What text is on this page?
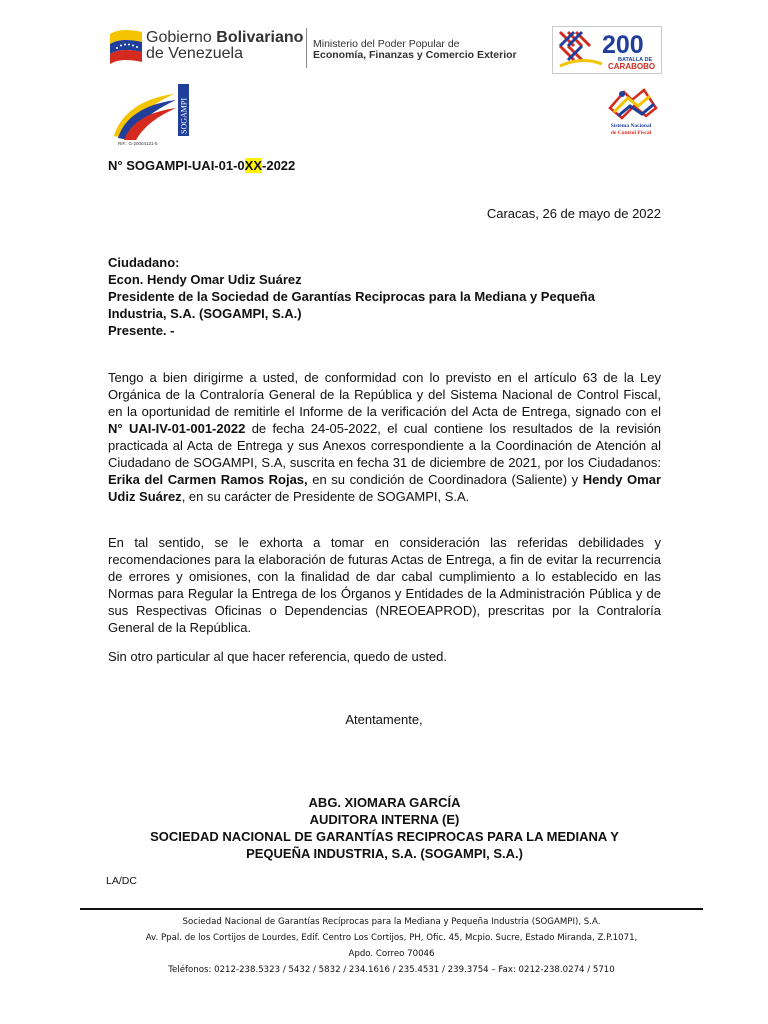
Gobierno Bolivariano
de Venezuela
Ministerio del Poder Popular de
Economía, Finanzas y Comercio Exterior	200
BATALLA DE
CARABOBO
SOGAMPI
RIF.: G-20004131-5
Sistema Nacional
de Control Fiscal
N° SOGAMPI-UAI-01-0XX-2022
Caracas, 26 de mayo de 2022
Ciudadano:
Econ. Hendy Omar Udiz Suárez
Presidente de la Sociedad de Garantías Reciprocas para la Mediana y Pequeña
Industria, S.A. (SOGAMPI, S.A.)
Presente. -
Tengo a bien dirigirme a usted, de conformidad con lo previsto en el artículo 63 de la Ley Orgánica de la Contraloría General de la República y del Sistema Nacional de Control Fiscal, en la oportunidad de remitirle el Informe de la verificación del Acta de Entrega, signado con el N° UAI-IV-01-001-2022 de fecha 24-05-2022, el cual contiene los resultados de la revisión practicada al Acta de Entrega y sus Anexos correspondiente a la Coordinación de Atención al Ciudadano de SOGAMPI, S.A, suscrita en fecha 31 de diciembre de 2021, por los Ciudadanos: Erika del Carmen Ramos Rojas, en su condición de Coordinadora (Saliente) y Hendy Omar Udiz Suárez, en su carácter de Presidente de SOGAMPI, S.A.
En tal sentido, se le exhorta a tomar en consideración las referidas debilidades y recomendaciones para la elaboración de futuras Actas de Entrega, a fin de evitar la recurrencia de errores y omisiones, con la finalidad de dar cabal cumplimiento a lo establecido en las Normas para Regular la Entrega de los Órganos y Entidades de la Administración Pública y de sus Respectivas Oficinas o Dependencias (NREOEAPROD), prescritas por la Contraloría General de la República.
Sin otro particular al que hacer referencia, quedo de usted.
Atentamente,
ABG. XIOMARA GARCÍA
AUDITORA INTERNA (E)
SOCIEDAD NACIONAL DE GARANTÍAS RECIPROCAS PARA LA MEDIANA Y
PEQUEÑA INDUSTRIA, S.A. (SOGAMPI, S.A.)
LA/DC
Sociedad Nacional de Garantías Recíprocas para la Mediana y Pequeña Industria (SOGAMPI), S.A.
Av. Ppal. de los Cortijos de Lourdes, Edif. Centro Los Cortijos, PH, Ofic. 45, Mcpio. Sucre, Estado Miranda, Z.P.1071,
Apdo. Correo 70046
Teléfonos: 0212-238.5323 / 5432 / 5832 / 234.1616 / 235.4531 / 239.3754 – Fax: 0212-238.0274 / 5710
